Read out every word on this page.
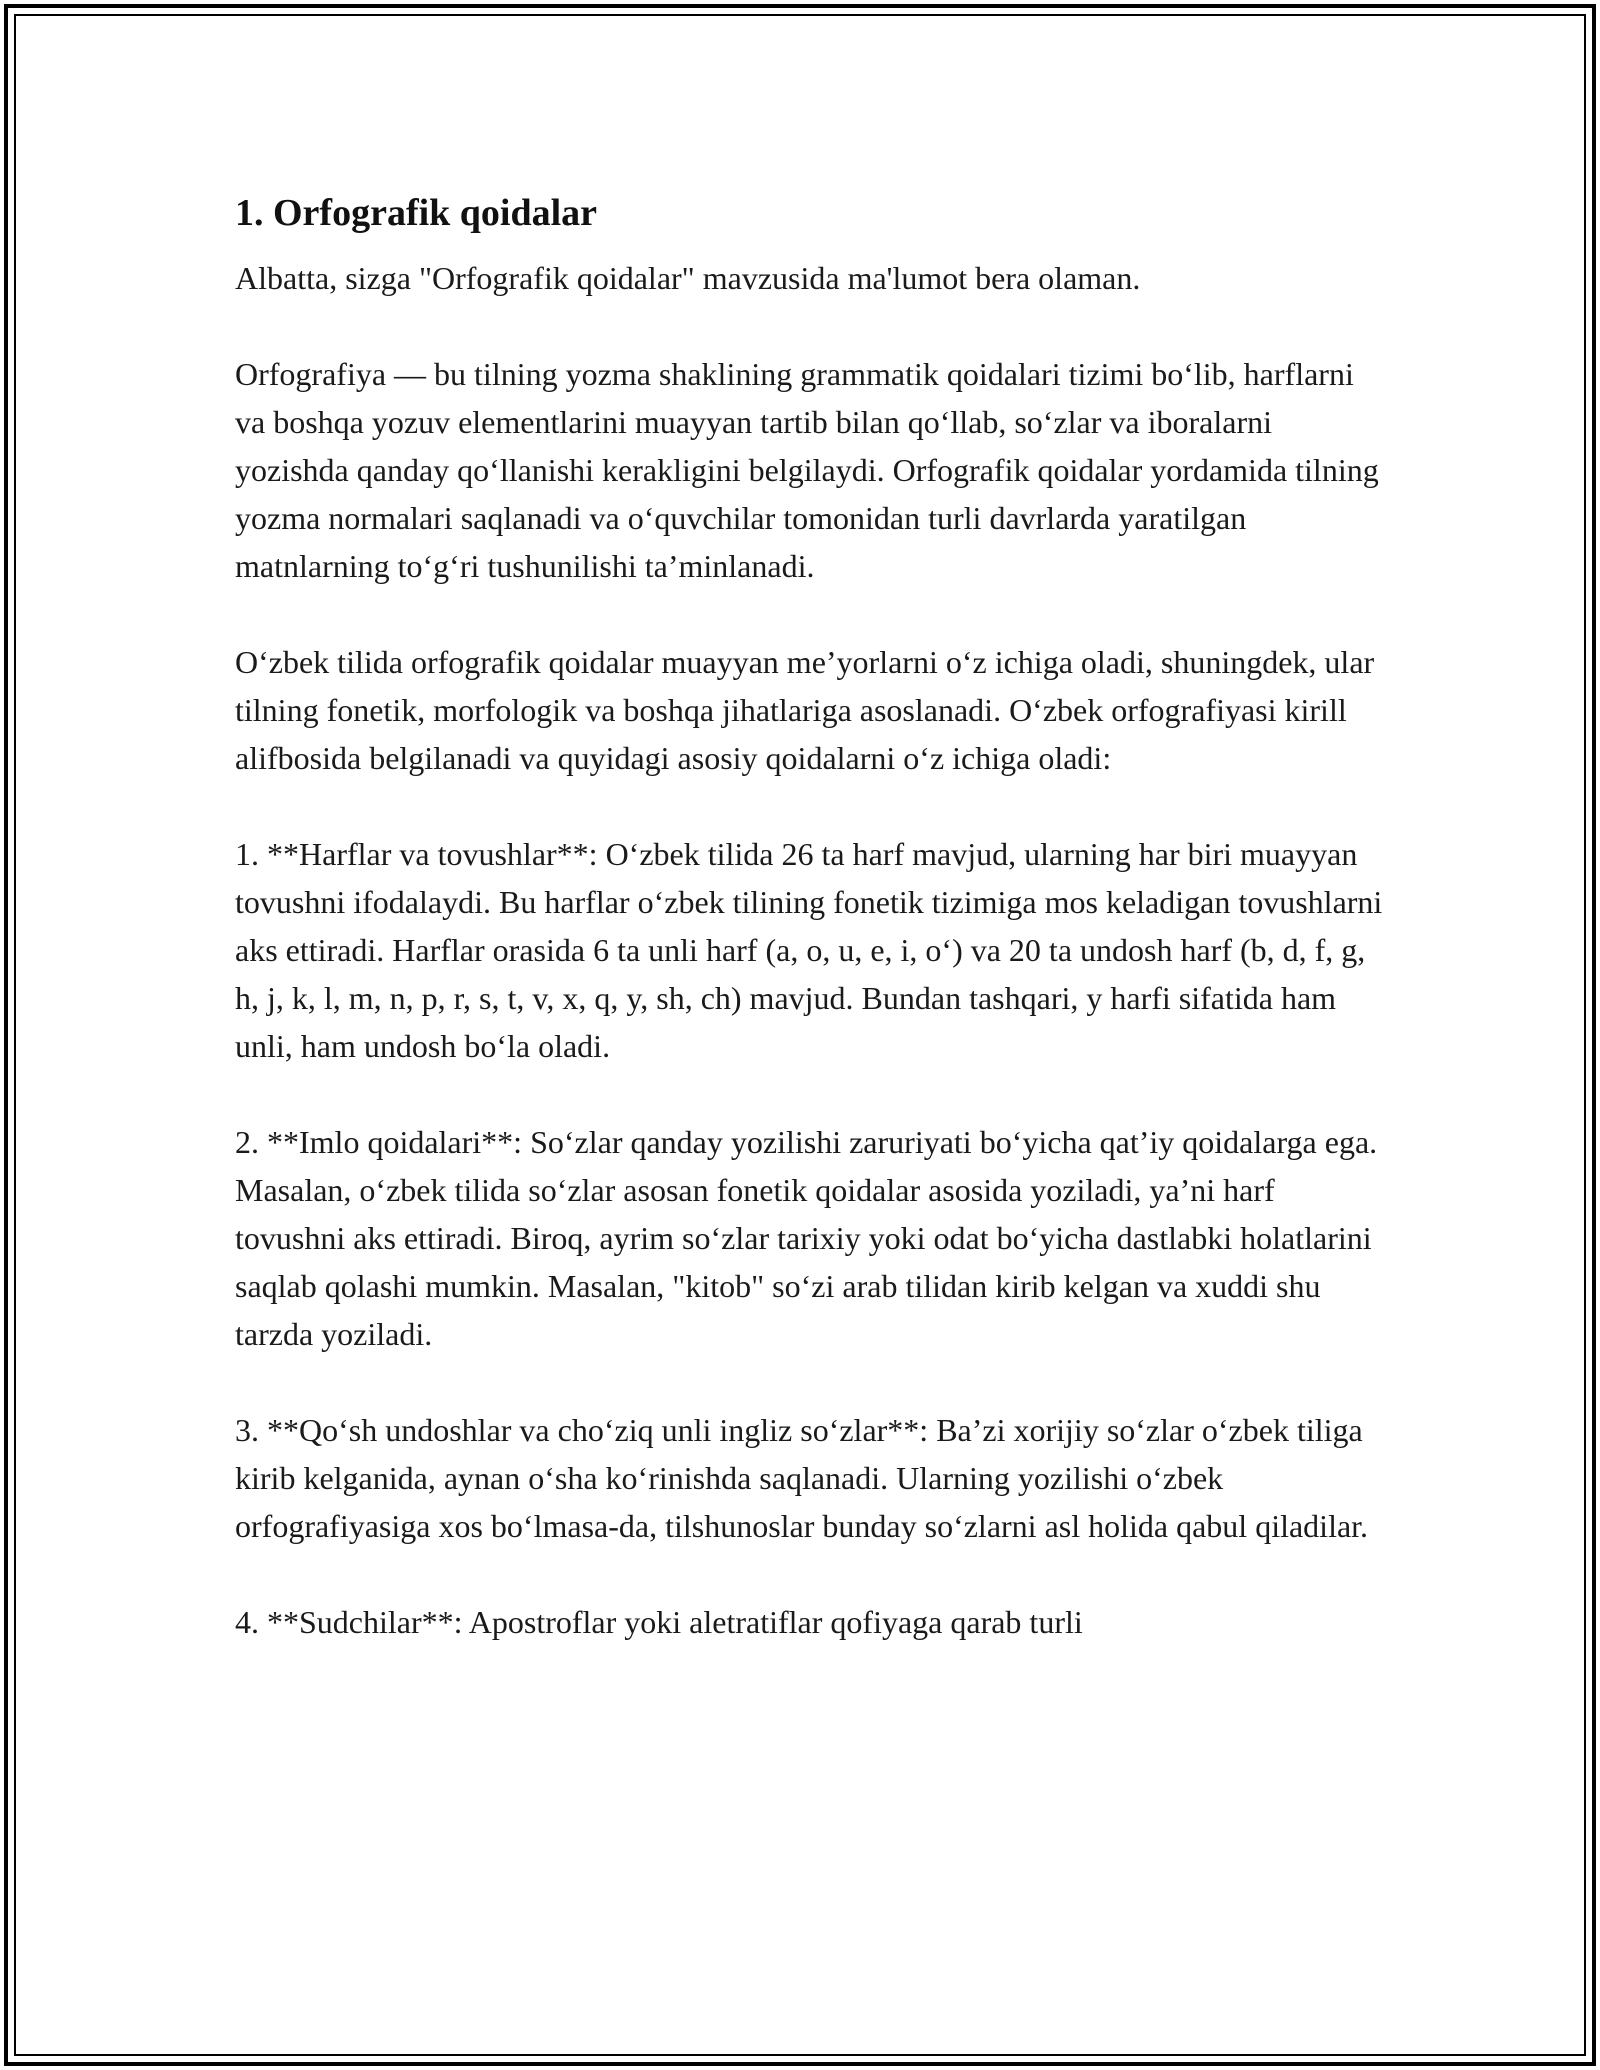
1. Orfografik qoidalar

Albatta, sizga "Orfografik qoidalar" mavzusida ma'lumot bera olaman.

Orfografiya — bu tilning yozma shaklining grammatik qoidalari tizimi bo‘lib, harflarni va boshqa yozuv elementlarini muayyan tartib bilan qo‘llab, so‘zlar va iboralarni yozishda qanday qo‘llanishi kerakligini belgilaydi. Orfografik qoidalar yordamida tilning yozma normalari saqlanadi va o‘quvchilar tomonidan turli davrlarda yaratilgan matnlarning to‘g‘ri tushunilishi ta’minlanadi.

O‘zbek tilida orfografik qoidalar muayyan me’yorlarni o‘z ichiga oladi, shuningdek, ular tilning fonetik, morfologik va boshqa jihatlariga asoslanadi. O‘zbek orfografiyasi kirill alifbosida belgilanadi va quyidagi asosiy qoidalarni o‘z ichiga oladi:

1. **Harflar va tovushlar**: O‘zbek tilida 26 ta harf mavjud, ularning har biri muayyan tovushni ifodalaydi. Bu harflar o‘zbek tilining fonetik tizimiga mos keladigan tovushlarni aks ettiradi. Harflar orasida 6 ta unli harf (a, o, u, e, i, o‘) va 20 ta undosh harf (b, d, f, g, h, j, k, l, m, n, p, r, s, t, v, x, q, y, sh, ch) mavjud. Bundan tashqari, y harfi sifatida ham unli, ham undosh bo‘la oladi.

2. **Imlo qoidalari**: So‘zlar qanday yozilishi zaruriyati bo‘yicha qat’iy qoidalarga ega. Masalan, o‘zbek tilida so‘zlar asosan fonetik qoidalar asosida yoziladi, ya’ni harf tovushni aks ettiradi. Biroq, ayrim so‘zlar tarixiy yoki odat bo‘yicha dastlabki holatlarini saqlab qolashi mumkin. Masalan, "kitob" so‘zi arab tilidan kirib kelgan va xuddi shu tarzda yoziladi.

3. **Qo‘sh undoshlar va cho‘ziq unli ingliz so‘zlar**: Ba’zi xorijiy so‘zlar o‘zbek tiliga kirib kelganida, aynan o‘sha ko‘rinishda saqlanadi. Ularning yozilishi o‘zbek orfografiyasiga xos bo‘lmasa-da, tilshunoslar bunday so‘zlarni asl holida qabul qiladilar.

4. **Sudchilar**: Apostroflar yoki aletratiflar qofiyaga qarab turli
